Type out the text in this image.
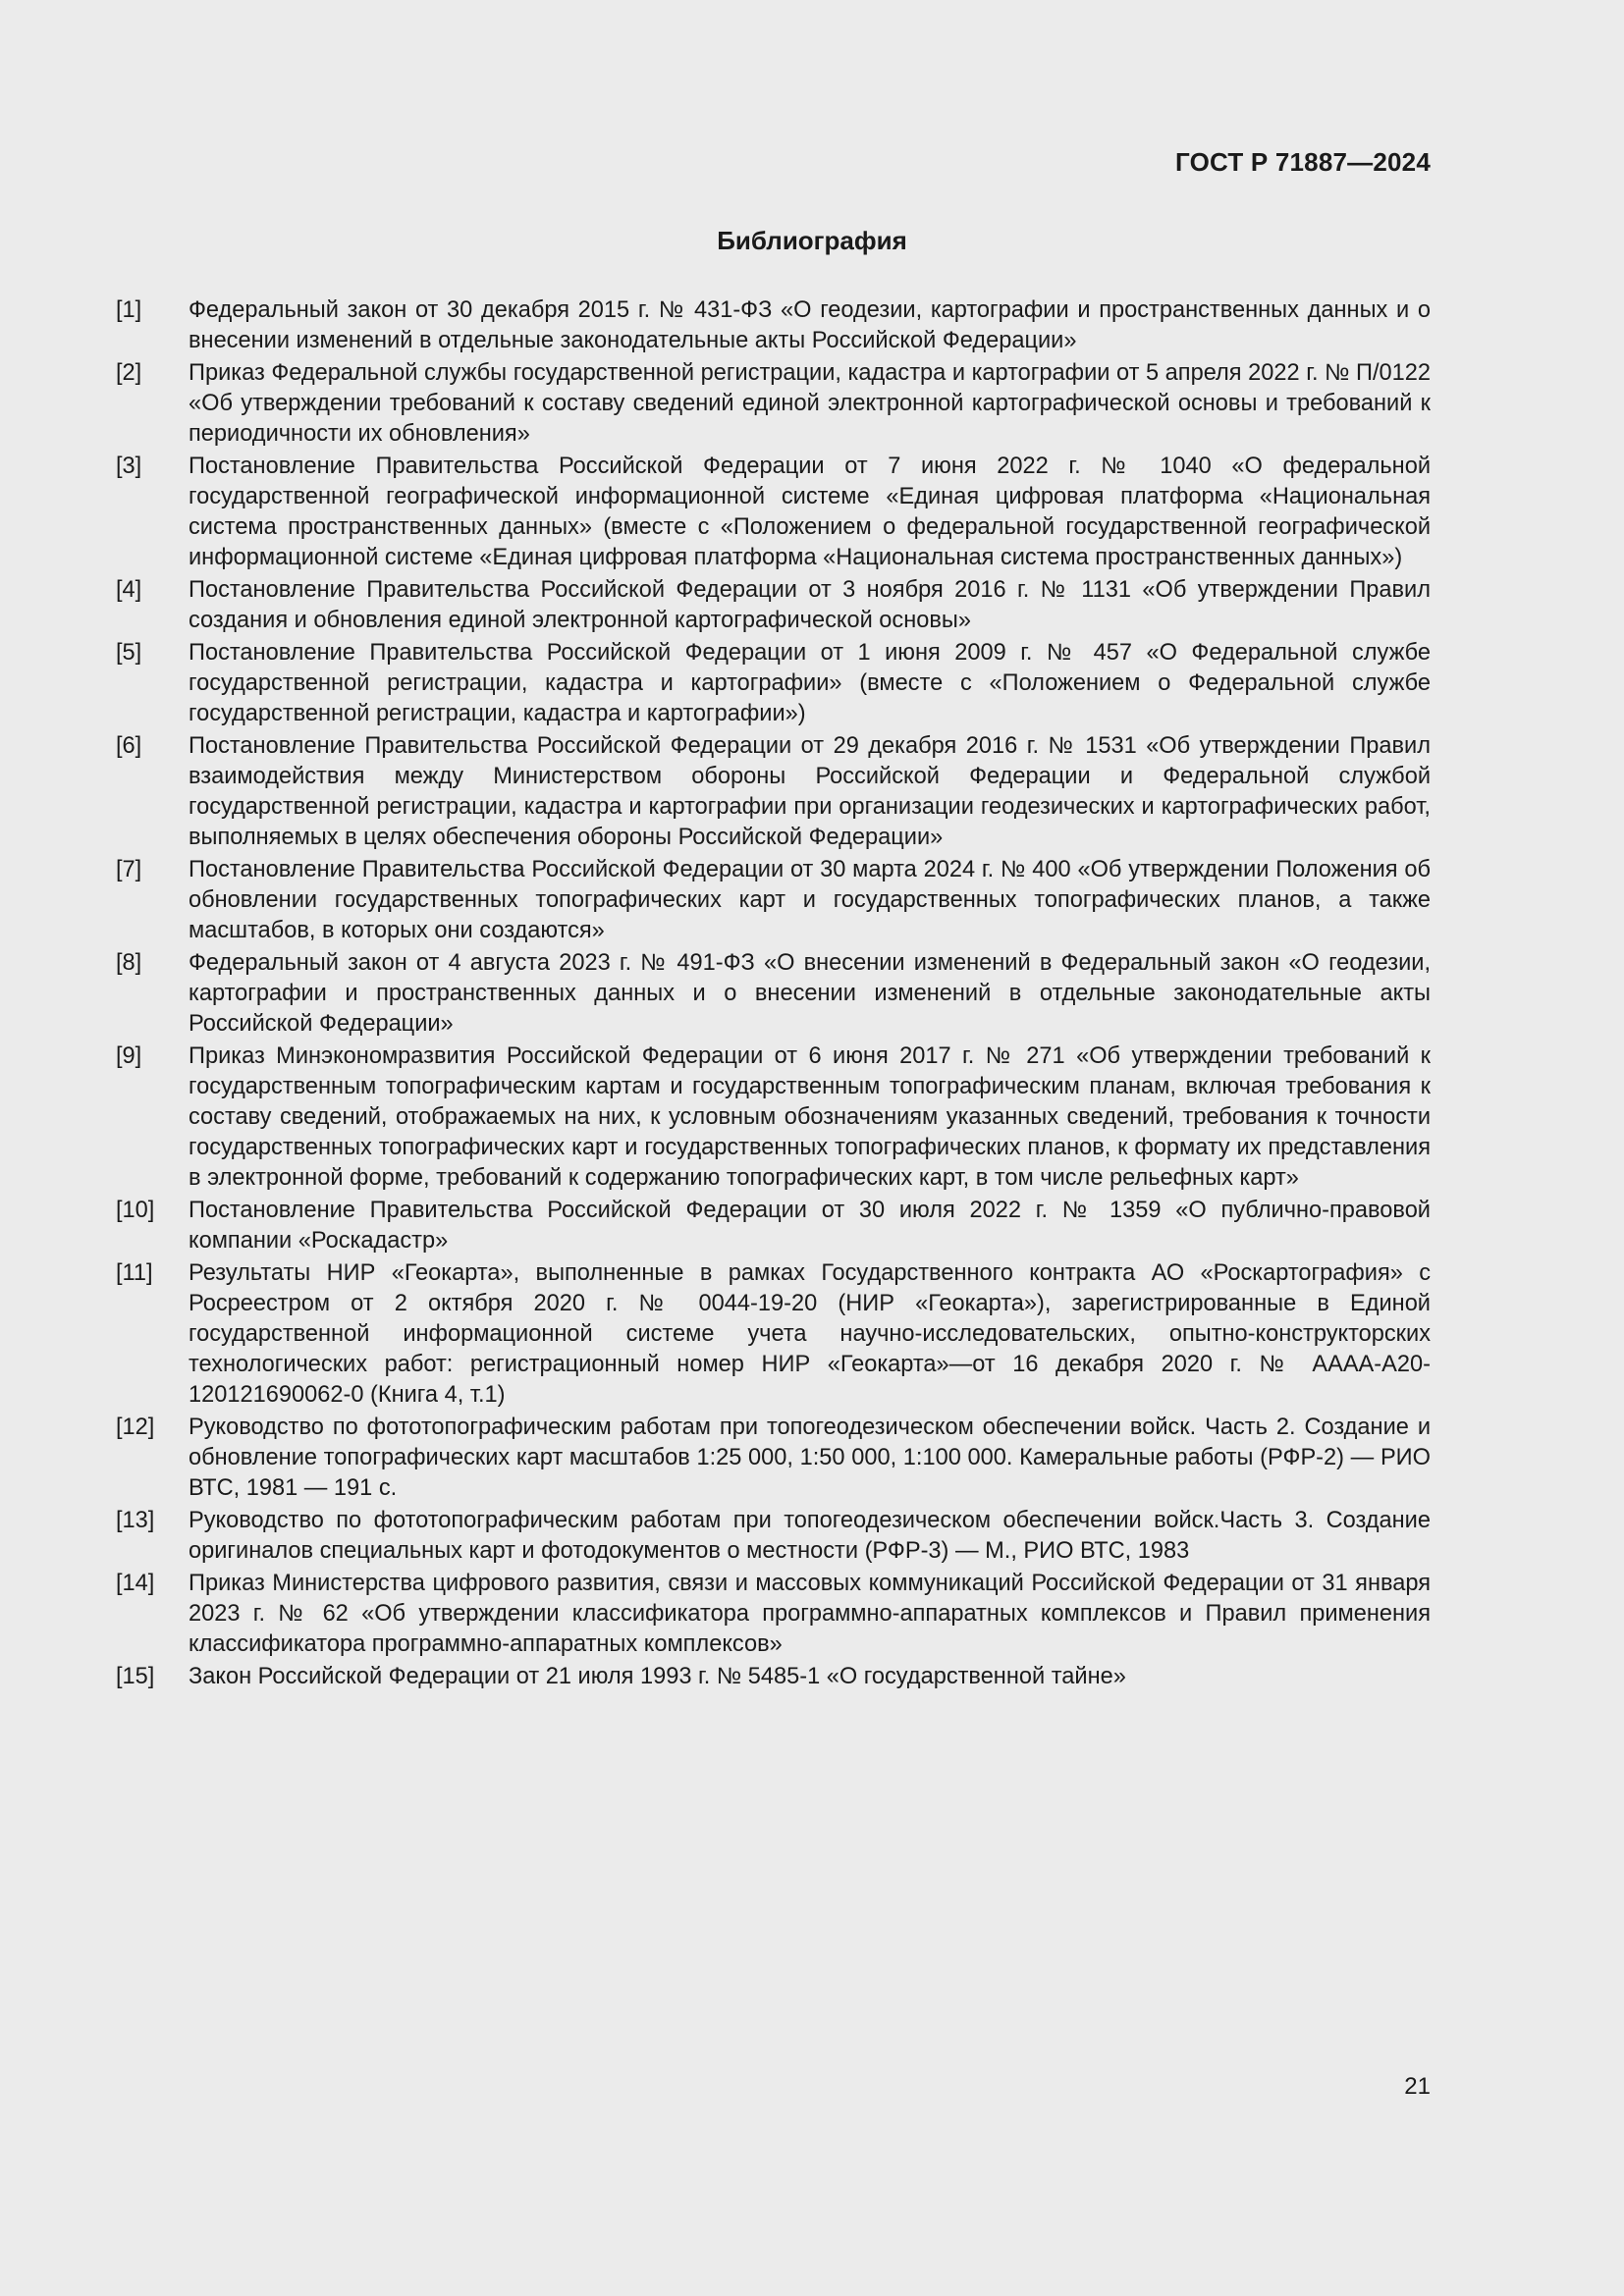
ГОСТ Р 71887—2024
Библиография
[1]	Федеральный закон от 30 декабря 2015 г. № 431-ФЗ «О геодезии, картографии и пространственных данных и о внесении изменений в отдельные законодательные акты Российской Федерации»
[2]	Приказ Федеральной службы государственной регистрации, кадастра и картографии от 5 апреля 2022 г. № П/0122 «Об утверждении требований к составу сведений единой электронной картографической основы и требований к периодичности их обновления»
[3]	Постановление Правительства Российской Федерации от 7 июня 2022 г. № 1040 «О федеральной государственной географической информационной системе «Единая цифровая платформа «Национальная система пространственных данных» (вместе с «Положением о федеральной государственной географической информационной системе «Единая цифровая платформа «Национальная система пространственных данных»)
[4]	Постановление Правительства Российской Федерации от 3 ноября 2016 г. № 1131 «Об утверждении Правил создания и обновления единой электронной картографической основы»
[5]	Постановление Правительства Российской Федерации от 1 июня 2009 г. № 457 «О Федеральной службе государственной регистрации, кадастра и картографии» (вместе с «Положением о Федеральной службе государственной регистрации, кадастра и картографии»)
[6]	Постановление Правительства Российской Федерации от 29 декабря 2016 г. № 1531 «Об утверждении Правил взаимодействия между Министерством обороны Российской Федерации и Федеральной службой государственной регистрации, кадастра и картографии при организации геодезических и картографических работ, выполняемых в целях обеспечения обороны Российской Федерации»
[7]	Постановление Правительства Российской Федерации от 30 марта 2024 г. № 400 «Об утверждении Положения об обновлении государственных топографических карт и государственных топографических планов, а также масштабов, в которых они создаются»
[8]	Федеральный закон от 4 августа 2023 г. № 491-ФЗ «О внесении изменений в Федеральный закон «О геодезии, картографии и пространственных данных и о внесении изменений в отдельные законодательные акты Российской Федерации»
[9]	Приказ Минэкономразвития Российской Федерации от 6 июня 2017 г. № 271 «Об утверждении требований к государственным топографическим картам и государственным топографическим планам, включая требования к составу сведений, отображаемых на них, к условным обозначениям указанных сведений, требования к точности государственных топографических карт и государственных топографических планов, к формату их представления в электронной форме, требований к содержанию топографических карт, в том числе рельефных карт»
[10]	Постановление Правительства Российской Федерации от 30 июля 2022 г. № 1359 «О публично-правовой компании «Роскадастр»
[11]	Результаты НИР «Геокарта», выполненные в рамках Государственного контракта АО «Роскартография» с Росреестром от 2 октября 2020 г. № 0044-19-20 (НИР «Геокарта»), зарегистрированные в Единой государственной информационной системе учета научно-исследовательских, опытно-конструкторских технологических работ: регистрационный номер НИР «Геокарта»—от 16 декабря 2020 г. № АААА-А20-120121690062-0 (Книга 4, т.1)
[12]	Руководство по фототопографическим работам при топогеодезическом обеспечении войск. Часть 2. Создание и обновление топографических карт масштабов 1:25 000, 1:50 000, 1:100 000. Камеральные работы (РФР-2) — РИО ВТС, 1981 — 191 с.
[13]	Руководство по фототопографическим работам при топогеодезическом обеспечении войск.Часть 3. Создание оригиналов специальных карт и фотодокументов о местности (РФР-3) — М., РИО ВТС, 1983
[14]	Приказ Министерства цифрового развития, связи и массовых коммуникаций Российской Федерации от 31 января 2023 г. № 62 «Об утверждении классификатора программно-аппаратных комплексов и Правил применения классификатора программно-аппаратных комплексов»
[15]	Закон Российской Федерации от 21 июля 1993 г. № 5485-1 «О государственной тайне»
21
